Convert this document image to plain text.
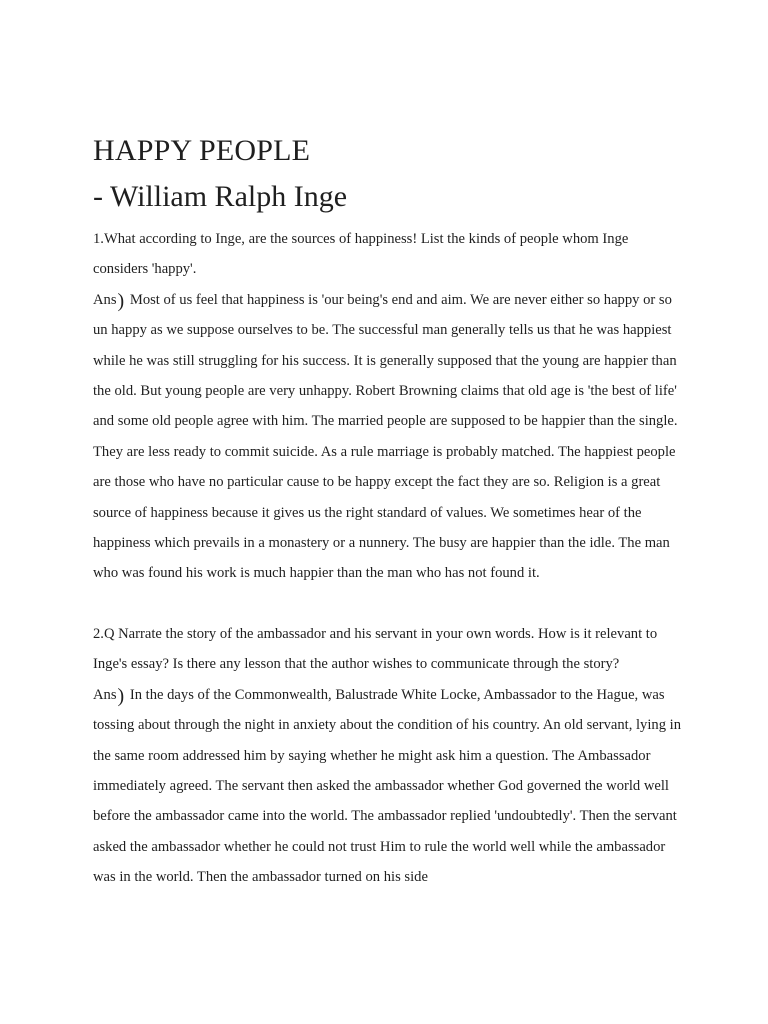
HAPPY PEOPLE
- William Ralph Inge

1.What according to Inge, are the sources of happiness! List the kinds of people whom Inge considers 'happy'.

Ans) Most of us feel that happiness is 'our being's end and aim. We are never either so happy or so un happy as we suppose ourselves to be. The successful man generally tells us that he was happiest while he was still struggling for his success. It is generally supposed that the young are happier than the old. But young people are very unhappy. Robert Browning claims that old age is 'the best of life' and some old people agree with him. The married people are supposed to be happier than the single. They are less ready to commit suicide. As a rule marriage is probably matched. The happiest people are those who have no particular cause to be happy except the fact they are so. Religion is a great source of happiness because it gives us the right standard of values. We sometimes hear of the happiness which prevails in a monastery or a nunnery. The busy are happier than the idle. The man who was found his work is much happier than the man who has not found it.

2.Q Narrate the story of the ambassador and his servant in your own words. How is it relevant to Inge's essay? Is there any lesson that the author wishes to communicate through the story?

Ans) In the days of the Commonwealth, Balustrade White Locke, Ambassador to the Hague, was tossing about through the night in anxiety about the condition of his country. An old servant, lying in the same room addressed him by saying whether he might ask him a question. The Ambassador immediately agreed. The servant then asked the ambassador whether God governed the world well before the ambassador came into the world. The ambassador replied 'undoubtedly'. Then the servant asked the ambassador whether he could not trust Him to rule the world well while the ambassador was in the world. Then the ambassador turned on his side
